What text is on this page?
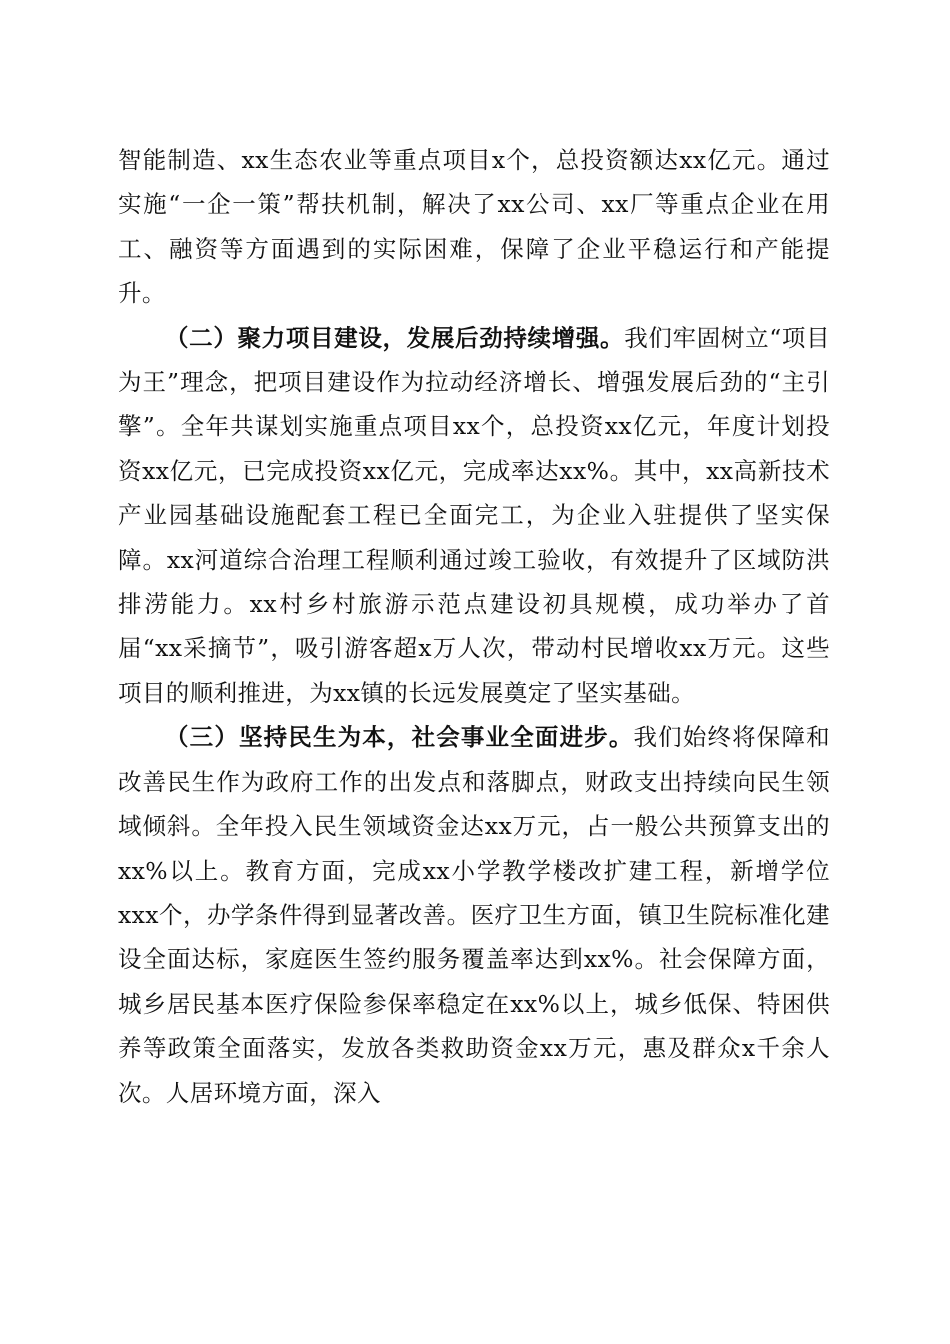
智能制造、xx生态农业等重点项目x个，总投资额达xx亿元。通过实施“一企一策”帮扶机制，解决了xx公司、xx厂等重点企业在用工、融资等方面遇到的实际困难，保障了企业平稳运行和产能提升。

（二）聚力项目建设，发展后劲持续增强。我们牢固树立“项目为王”理念，把项目建设作为拉动经济增长、增强发展后劲的“主引擎”。全年共谋划实施重点项目xx个，总投资xx亿元，年度计划投资xx亿元，已完成投资xx亿元，完成率达xx%。其中，xx高新技术产业园基础设施配套工程已全面完工，为企业入驻提供了坚实保障。xx河道综合治理工程顺利通过竣工验收，有效提升了区域防洪排涝能力。xx村乡村旅游示范点建设初具规模，成功举办了首届“xx采摘节”，吸引游客超x万人次，带动村民增收xx万元。这些项目的顺利推进，为xx镇的长远发展奠定了坚实基础。

（三）坚持民生为本，社会事业全面进步。我们始终将保障和改善民生作为政府工作的出发点和落脚点，财政支出持续向民生领域倾斜。全年投入民生领域资金达xx万元，占一般公共预算支出的xx%以上。教育方面，完成xx小学教学楼改扩建工程，新增学位xxx个，办学条件得到显著改善。医疗卫生方面，镇卫生院标准化建设全面达标，家庭医生签约服务覆盖率达到xx%。社会保障方面，城乡居民基本医疗保险参保率稳定在xx%以上，城乡低保、特困供养等政策全面落实，发放各类救助资金xx万元，惠及群众x千余人次。人居环境方面，深入
